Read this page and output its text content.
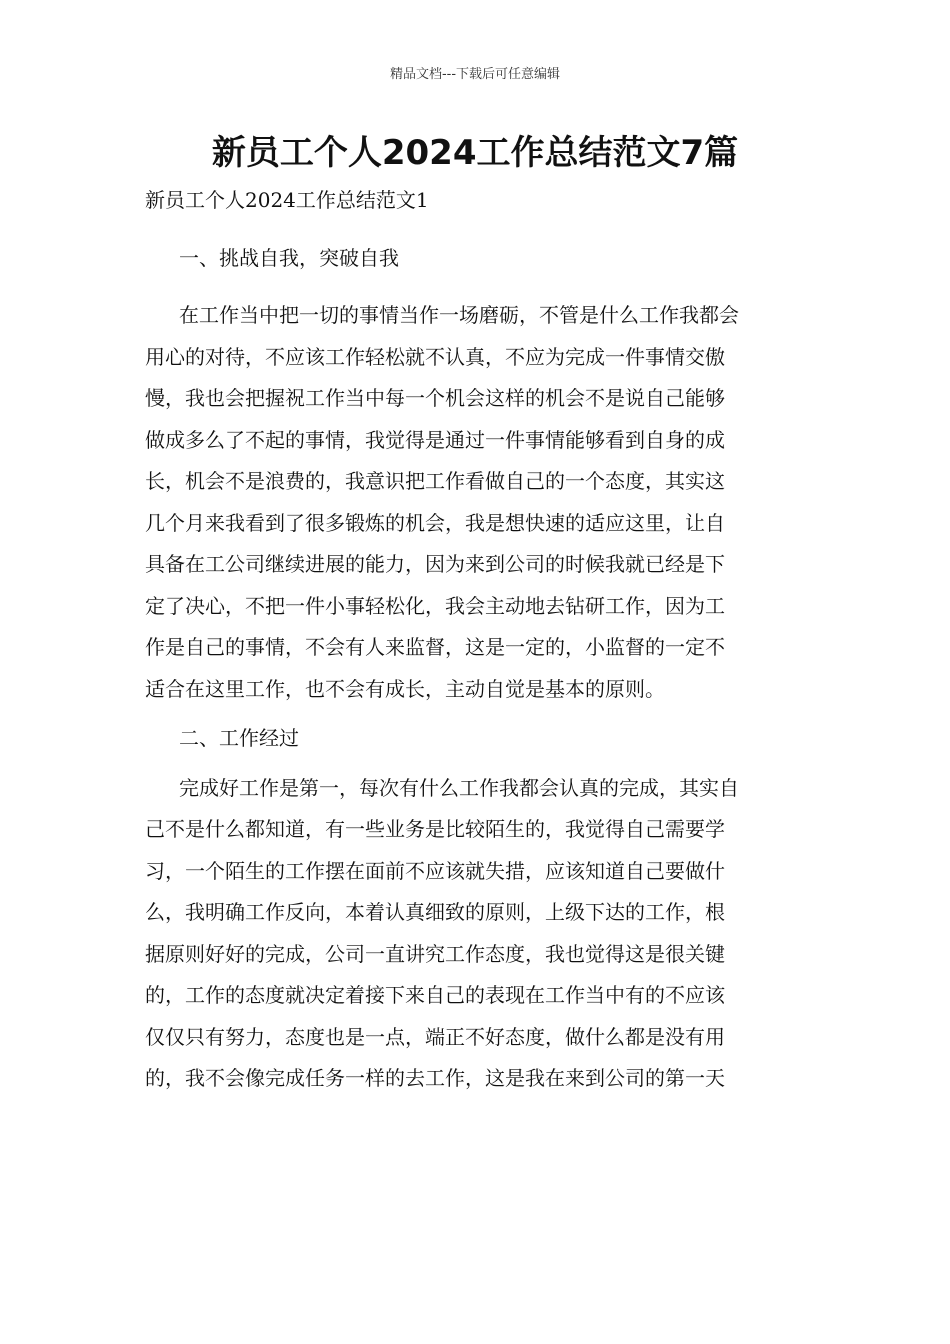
精品文档---下载后可任意编辑
新员工个人2024工作总结范文7篇
新员工个人2024工作总结范文1
一、挑战自我，突破自我
在工作当中把一切的事情当作一场磨砺，不管是什么工作我都会
用心的对待，不应该工作轻松就不认真，不应为完成一件事情交傲
慢，我也会把握祝工作当中每一个机会这样的机会不是说自己能够
做成多么了不起的事情，我觉得是通过一件事情能够看到自身的成
长，机会不是浪费的，我意识把工作看做自己的一个态度，其实这
几个月来我看到了很多锻炼的机会，我是想快速的适应这里，让自
具备在工公司继续进展的能力，因为来到公司的时候我就已经是下
定了决心，不把一件小事轻松化，我会主动地去钻研工作，因为工
作是自己的事情，不会有人来监督，这是一定的，小监督的一定不
适合在这里工作，也不会有成长，主动自觉是基本的原则。
二、工作经过
完成好工作是第一，每次有什么工作我都会认真的完成，其实自
己不是什么都知道，有一些业务是比较陌生的，我觉得自己需要学
习，一个陌生的工作摆在面前不应该就失措，应该知道自己要做什
么，我明确工作反向，本着认真细致的原则，上级下达的工作，根
据原则好好的完成，公司一直讲究工作态度，我也觉得这是很关键
的，工作的态度就决定着接下来自己的表现在工作当中有的不应该
仅仅只有努力，态度也是一点，端正不好态度，做什么都是没有用
的，我不会像完成任务一样的去工作，这是我在来到公司的第一天
